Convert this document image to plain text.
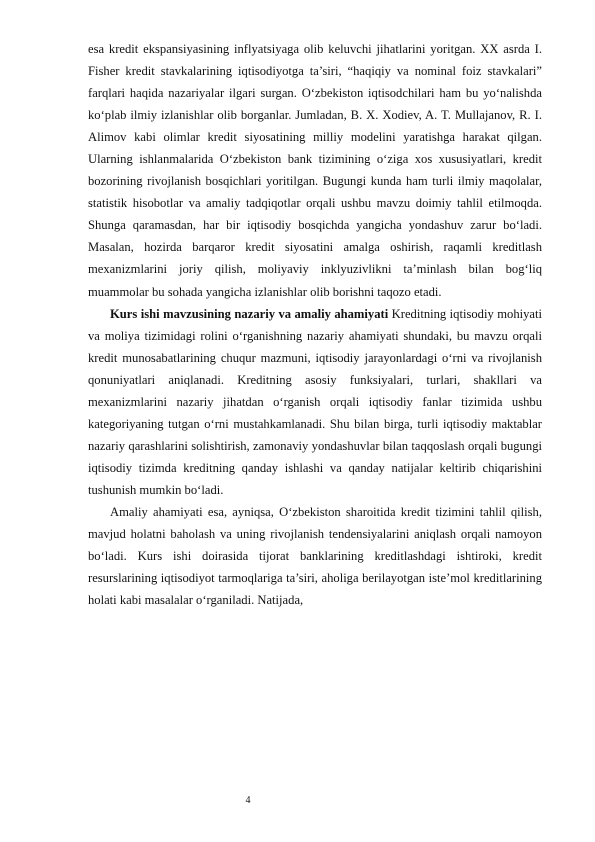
esa kredit ekspansiyasining inflyatsiyaga olib keluvchi jihatlarini yoritgan. XX asrda I. Fisher kredit stavkalarining iqtisodiyotga ta’siri, “haqiqiy va nominal foiz stavkalari” farqlari haqida nazariyalar ilgari surgan. O‘zbekiston iqtisodchilari ham bu yo‘nalishda ko‘plab ilmiy izlanishlar olib borganlar. Jumladan, B. X. Xodiev, A. T. Mullajanov, R. I. Alimov kabi olimlar kredit siyosatining milliy modelini yaratishga harakat qilgan. Ularning ishlanmalarida O‘zbekiston bank tizimining o‘ziga xos xususiyatlari, kredit bozorining rivojlanish bosqichlari yoritilgan. Bugungi kunda ham turli ilmiy maqolalar, statistik hisobotlar va amaliy tadqiqotlar orqali ushbu mavzu doimiy tahlil etilmoqda. Shunga qaramasdan, har bir iqtisodiy bosqichda yangicha yondashuv zarur bo‘ladi. Masalan, hozirda barqaror kredit siyosatini amalga oshirish, raqamli kreditlash mexanizmlarini joriy qilish, moliyaviy inklyuzivlikni ta’minlash bilan bog‘liq muammolar bu sohada yangicha izlanishlar olib borishni taqozo etadi.

Kurs ishi mavzusining nazariy va amaliy ahamiyati Kreditning iqtisodiy mohiyati va moliya tizimidagi rolini o‘rganishning nazariy ahamiyati shundaki, bu mavzu orqali kredit munosabatlarining chuqur mazmuni, iqtisodiy jarayonlardagi o‘rni va rivojlanish qonuniyatlari aniqlanadi. Kreditning asosiy funksiyalari, turlari, shakllari va mexanizmlarini nazariy jihatdan o‘rganish orqali iqtisodiy fanlar tizimida ushbu kategoriyaning tutgan o‘rni mustahkamlanadi. Shu bilan birga, turli iqtisodiy maktablar nazariy qarashlarini solishtirish, zamonaviy yondashuvlar bilan taqqoslash orqali bugungi iqtisodiy tizimda kreditning qanday ishlashi va qanday natijalar keltirib chiqarishini tushunish mumkin bo‘ladi.

Amaliy ahamiyati esa, ayniqsa, O‘zbekiston sharoitida kredit tizimini tahlil qilish, mavjud holatni baholash va uning rivojlanish tendensiyalarini aniqlash orqali namoyon bo‘ladi. Kurs ishi doirasida tijorat banklarining kreditlashdagi ishtiroki, kredit resurslarining iqtisodiyot tarmoqlariga ta’siri, aholiga berilayotgan iste’mol kreditlarining holati kabi masalalar o‘rganiladi. Natijada,

4
